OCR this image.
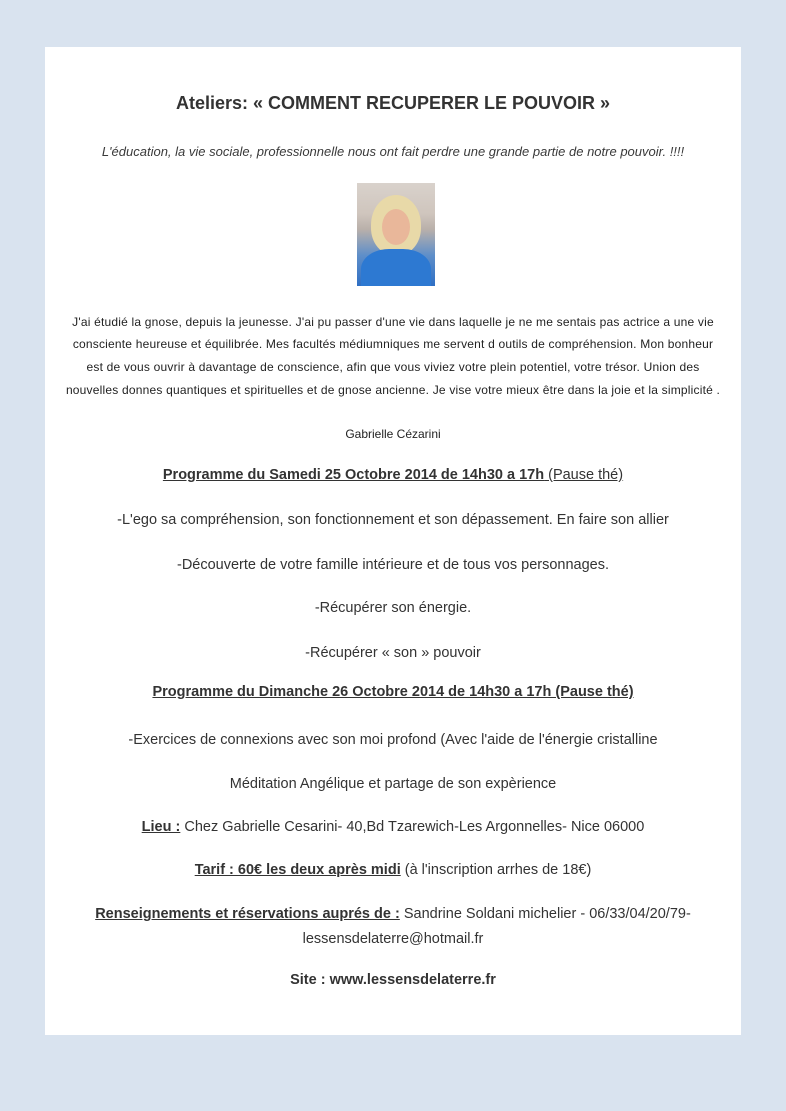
Ateliers: « COMMENT RECUPERER LE POUVOIR »
L'éducation, la vie sociale, professionnelle nous ont fait perdre une grande partie de notre pouvoir. !!!!
J'ai étudié la gnose, depuis la jeunesse. J'ai pu passer d'une vie dans laquelle je ne me sentais pas actrice a une vie
consciente heureuse et équilibrée. Mes facultés médiumniques me servent d outils de compréhension. Mon bonheur
est de vous ouvrir à davantage de conscience, afin que vous viviez votre plein potentiel, votre trésor. Union des
nouvelles donnes quantiques et spirituelles et de gnose ancienne. Je vise votre mieux être dans la joie et la simplicité .
Gabrielle Cézarini
Programme du Samedi 25 Octobre 2014 de 14h30 a 17h (Pause thé)
-L'ego sa compréhension, son fonctionnement et son dépassement. En faire son allier
-Découverte de votre famille intérieure et de tous vos personnages.
-Récupérer son énergie.
-Récupérer « son » pouvoir
Programme du Dimanche 26 Octobre 2014 de 14h30 a 17h (Pause thé)
-Exercices de connexions avec son moi profond (Avec l'aide de l'énergie cristalline
Méditation Angélique et partage de son expèrience
Lieu : Chez Gabrielle Cesarini- 40,Bd Tzarewich-Les Argonnelles- Nice 06000
Tarif : 60€ les deux après midi (à l'inscription arrhes de 18€)
Renseignements et réservations auprés de : Sandrine Soldani michelier - 06/33/04/20/79-
lessensdelaterre@hotmail.fr
Site : www.lessensdelaterre.fr
